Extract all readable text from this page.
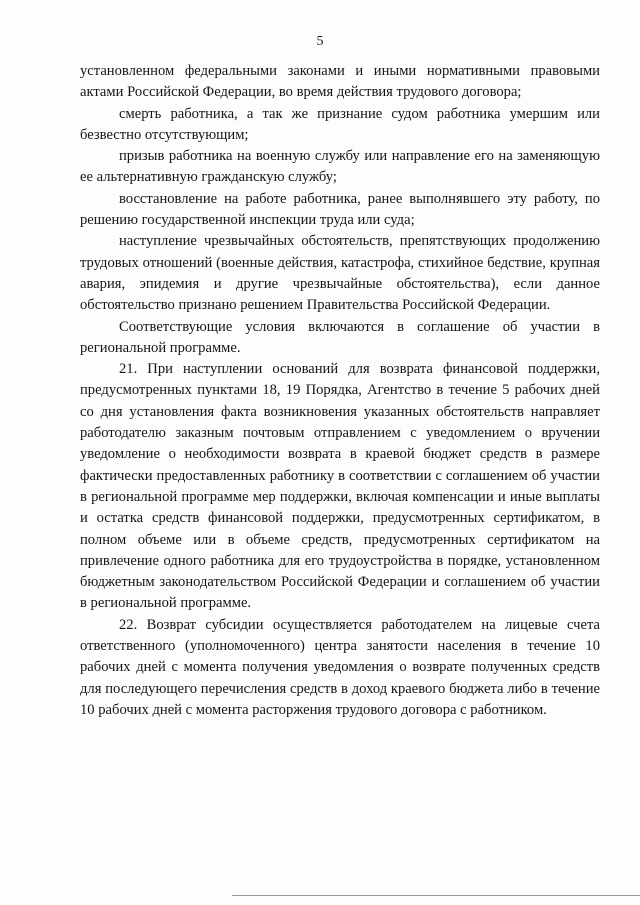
5

установленном федеральными законами и иными нормативными правовыми актами Российской Федерации, во время действия трудового договора;

смерть работника, а так же признание судом работника умершим или безвестно отсутствующим;

призыв работника на военную службу или направление его на заменяющую ее альтернативную гражданскую службу;

восстановление на работе работника, ранее выполнявшего эту работу, по решению государственной инспекции труда или суда;

наступление чрезвычайных обстоятельств, препятствующих продолжению трудовых отношений (военные действия, катастрофа, стихийное бедствие, крупная авария, эпидемия и другие чрезвычайные обстоятельства), если данное обстоятельство признано решением Правительства Российской Федерации.

Соответствующие условия включаются в соглашение об участии в региональной программе.

21. При наступлении оснований для возврата финансовой поддержки, предусмотренных пунктами 18, 19 Порядка, Агентство в течение 5 рабочих дней со дня установления факта возникновения указанных обстоятельств направляет работодателю заказным почтовым отправлением с уведомлением о вручении уведомление о необходимости возврата в краевой бюджет средств в размере фактически предоставленных работнику в соответствии с соглашением об участии в региональной программе мер поддержки, включая компенсации и иные выплаты и остатка средств финансовой поддержки, предусмотренных сертификатом, в полном объеме или в объеме средств, предусмотренных сертификатом на привлечение одного работника для его трудоустройства в порядке, установленном бюджетным законодательством Российской Федерации и соглашением об участии в региональной программе.

22. Возврат субсидии осуществляется работодателем на лицевые счета ответственного (уполномоченного) центра занятости населения в течение 10 рабочих дней с момента получения уведомления о возврате полученных средств для последующего перечисления средств в доход краевого бюджета либо в течение 10 рабочих дней с момента расторжения трудового договора с работником.
